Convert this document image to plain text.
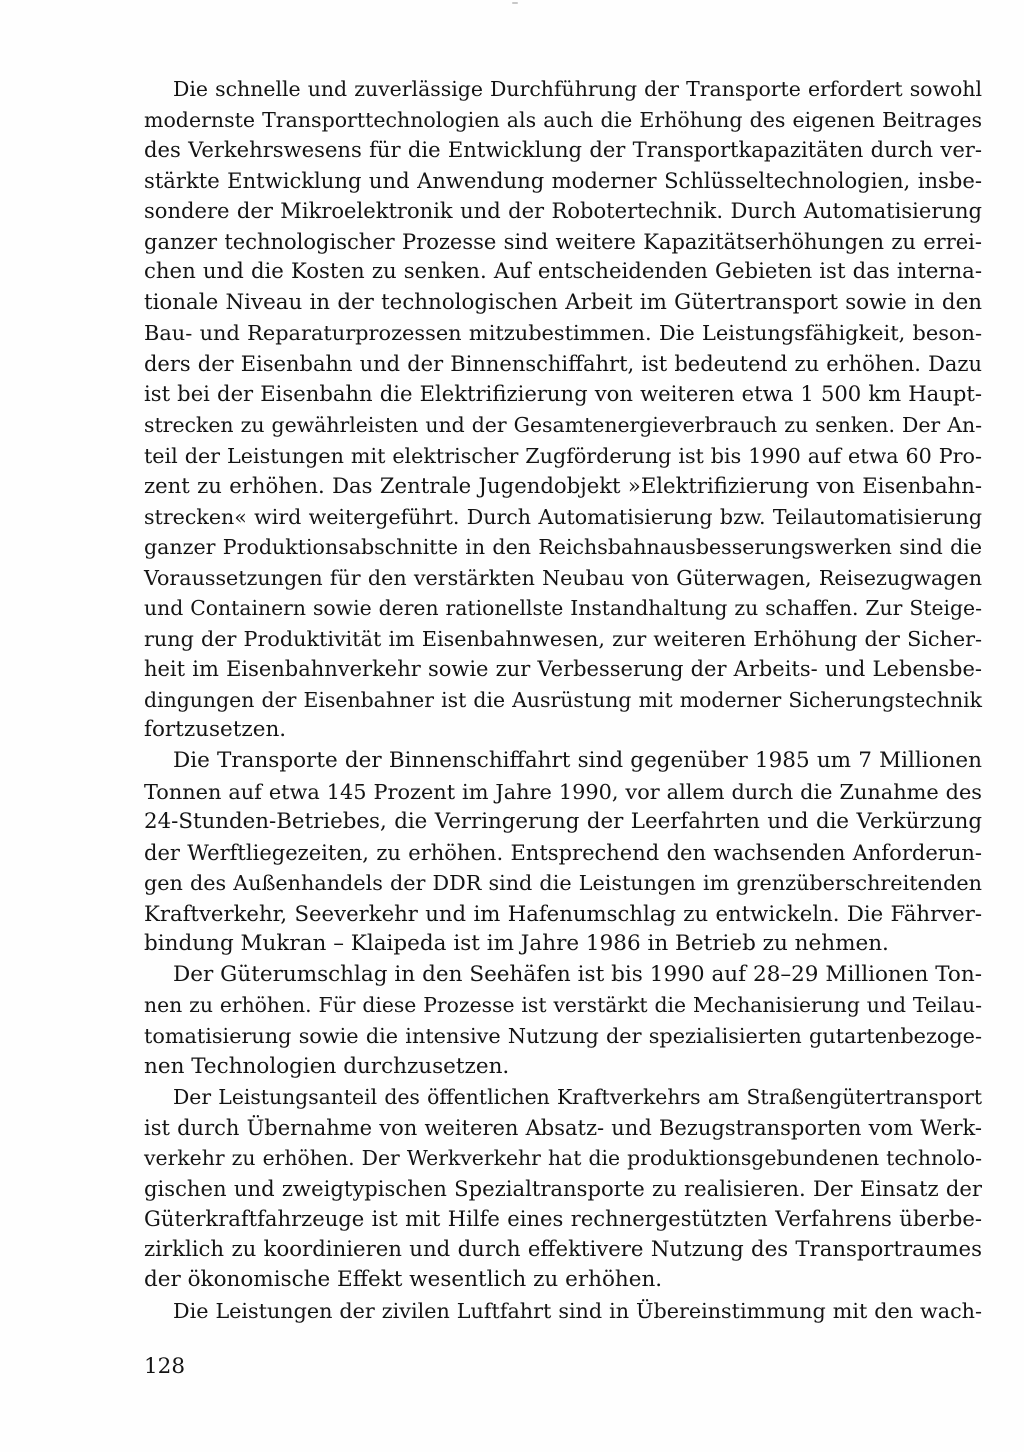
Die schnelle und zuverlässige Durchführung der Transporte erfordert sowohl
modernste Transporttechnologien als auch die Erhöhung des eigenen Beitrages
des Verkehrswesens für die Entwicklung der Transportkapazitäten durch ver-
stärkte Entwicklung und Anwendung moderner Schlüsseltechnologien, insbe-
sondere der Mikroelektronik und der Robotertechnik. Durch Automatisierung
ganzer technologischer Prozesse sind weitere Kapazitätserhöhungen zu errei-
chen und die Kosten zu senken. Auf entscheidenden Gebieten ist das interna-
tionale Niveau in der technologischen Arbeit im Gütertransport sowie in den
Bau- und Reparaturprozessen mitzubestimmen. Die Leistungsfähigkeit, beson-
ders der Eisenbahn und der Binnenschiffahrt, ist bedeutend zu erhöhen. Dazu
ist bei der Eisenbahn die Elektrifizierung von weiteren etwa 1 500 km Haupt-
strecken zu gewährleisten und der Gesamtenergieverbrauch zu senken. Der An-
teil der Leistungen mit elektrischer Zugförderung ist bis 1990 auf etwa 60 Pro-
zent zu erhöhen. Das Zentrale Jugendobjekt »Elektrifizierung von Eisenbahn-
strecken« wird weitergeführt. Durch Automatisierung bzw. Teilautomatisierung
ganzer Produktionsabschnitte in den Reichsbahnausbesserungswerken sind die
Voraussetzungen für den verstärkten Neubau von Güterwagen, Reisezugwagen
und Containern sowie deren rationellste Instandhaltung zu schaffen. Zur Steige-
rung der Produktivität im Eisenbahnwesen, zur weiteren Erhöhung der Sicher-
heit im Eisenbahnverkehr sowie zur Verbesserung der Arbeits- und Lebensbe-
dingungen der Eisenbahner ist die Ausrüstung mit moderner Sicherungstechnik
fortzusetzen.
Die Transporte der Binnenschiffahrt sind gegenüber 1985 um 7 Millionen
Tonnen auf etwa 145 Prozent im Jahre 1990, vor allem durch die Zunahme des
24-Stunden-Betriebes, die Verringerung der Leerfahrten und die Verkürzung
der Werftliegezeiten, zu erhöhen. Entsprechend den wachsenden Anforderun-
gen des Außenhandels der DDR sind die Leistungen im grenzüberschreitenden
Kraftverkehr, Seeverkehr und im Hafenumschlag zu entwickeln. Die Fährver-
bindung Mukran – Klaipeda ist im Jahre 1986 in Betrieb zu nehmen.
Der Güterumschlag in den Seehäfen ist bis 1990 auf 28–29 Millionen Ton-
nen zu erhöhen. Für diese Prozesse ist verstärkt die Mechanisierung und Teilau-
tomatisierung sowie die intensive Nutzung der spezialisierten gutartenbezoge-
nen Technologien durchzusetzen.
Der Leistungsanteil des öffentlichen Kraftverkehrs am Straßengütertransport
ist durch Übernahme von weiteren Absatz- und Bezugstransporten vom Werk-
verkehr zu erhöhen. Der Werkverkehr hat die produktionsgebundenen technolo-
gischen und zweigtypischen Spezialtransporte zu realisieren. Der Einsatz der
Güterkraftfahrzeuge ist mit Hilfe eines rechnergestützten Verfahrens überbe-
zirklich zu koordinieren und durch effektivere Nutzung des Transportraumes
der ökonomische Effekt wesentlich zu erhöhen.
Die Leistungen der zivilen Luftfahrt sind in Übereinstimmung mit den wach-
128
